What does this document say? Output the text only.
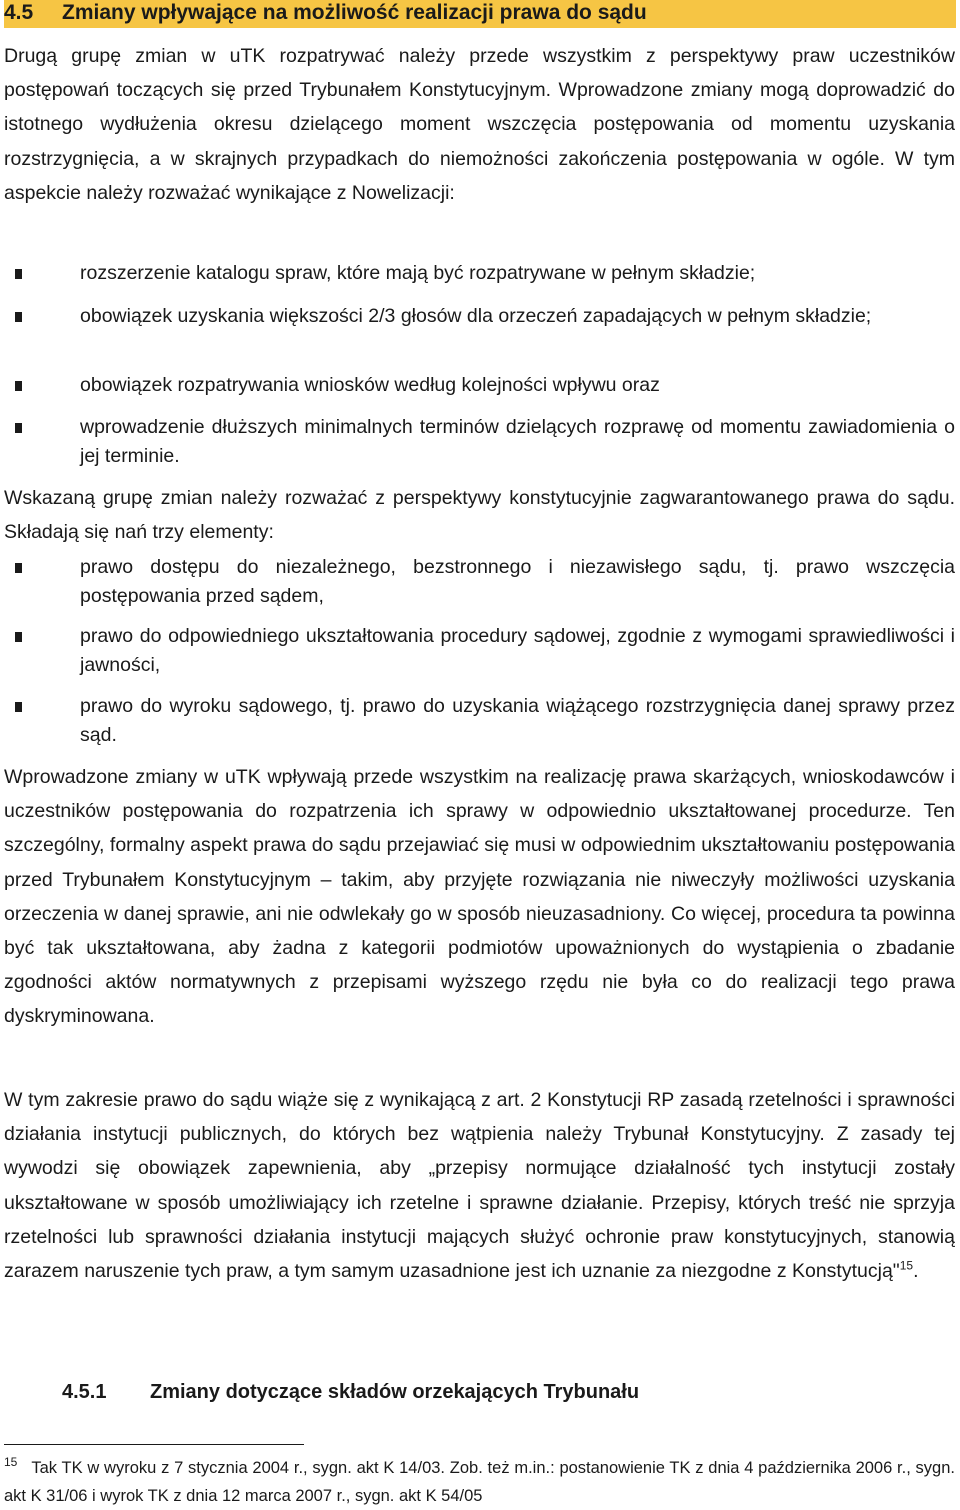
4.5 Zmiany wpływające na możliwość realizacji prawa do sądu

Drugą grupę zmian w uTK rozpatrywać należy przede wszystkim z perspektywy praw uczestników postępowań toczących się przed Trybunałem Konstytucyjnym. Wprowadzone zmiany mogą doprowadzić do istotnego wydłużenia okresu dzielącego moment wszczęcia postępowania od momentu uzyskania rozstrzygnięcia, a w skrajnych przypadkach do niemożności zakończenia postępowania w ogóle. W tym aspekcie należy rozważać wynikające z Nowelizacji:

rozszerzenie katalogu spraw, które mają być rozpatrywane w pełnym składzie;

obowiązek uzyskania większości 2/3 głosów dla orzeczeń zapadających w pełnym składzie;

obowiązek rozpatrywania wniosków według kolejności wpływu oraz

wprowadzenie dłuższych minimalnych terminów dzielących rozprawę od momentu zawiadomienia o jej terminie.

Wskazaną grupę zmian należy rozważać z perspektywy konstytucyjnie zagwarantowanego prawa do sądu. Składają się nań trzy elementy:

prawo dostępu do niezależnego, bezstronnego i niezawisłego sądu, tj. prawo wszczęcia postępowania przed sądem,

prawo do odpowiedniego ukształtowania procedury sądowej, zgodnie z wymogami sprawiedliwości i jawności,

prawo do wyroku sądowego, tj. prawo do uzyskania wiążącego rozstrzygnięcia danej sprawy przez sąd.

Wprowadzone zmiany w uTK wpływają przede wszystkim na realizację prawa skarżących, wnioskodawców i uczestników postępowania do rozpatrzenia ich sprawy w odpowiednio ukształtowanej procedurze. Ten szczególny, formalny aspekt prawa do sądu przejawiać się musi w odpowiednim ukształtowaniu postępowania przed Trybunałem Konstytucyjnym – takim, aby przyjęte rozwiązania nie niweczyły możliwości uzyskania orzeczenia w danej sprawie, ani nie odwlekały go w sposób nieuzasadniony. Co więcej, procedura ta powinna być tak ukształtowana, aby żadna z kategorii podmiotów upoważnionych do wystąpienia o zbadanie zgodności aktów normatywnych z przepisami wyższego rzędu nie była co do realizacji tego prawa dyskryminowana.

W tym zakresie prawo do sądu wiąże się z wynikającą z art. 2 Konstytucji RP zasadą rzetelności i sprawności działania instytucji publicznych, do których bez wątpienia należy Trybunał Konstytucyjny. Z zasady tej wywodzi się obowiązek zapewnienia, aby „przepisy normujące działalność tych instytucji zostały ukształtowane w sposób umożliwiający ich rzetelne i sprawne działanie. Przepisy, których treść nie sprzyja rzetelności lub sprawności działania instytucji mających służyć ochronie praw konstytucyjnych, stanowią zarazem naruszenie tych praw, a tym samym uzasadnione jest ich uznanie za niezgodne z Konstytucją"$^{15}$.

4.5.1 Zmiany dotyczące składów orzekających Trybunału

$^{15}$ Tak TK w wyroku z 7 stycznia 2004 r., sygn. akt K 14/03. Zob. też m.in.: postanowienie TK z dnia 4 października 2006 r., sygn. akt K 31/06 i wyrok TK z dnia 12 marca 2007 r., sygn. akt K 54/05
